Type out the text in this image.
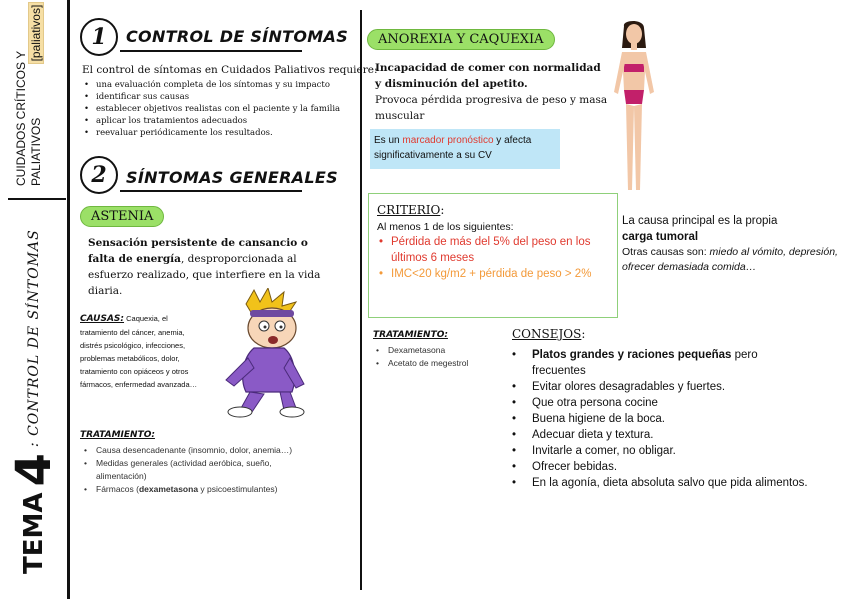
CUIDADOS CRÍTICOS Y PALIATIVOS [paliativos]
TEMA
4
: CONTROL DE SÍNTOMAS
1	CONTROL DE SÍNTOMAS
El control de síntomas en Cuidados Paliativos requiere:
• una evaluación completa de los síntomas y su impacto
• identificar sus causas
• establecer objetivos realistas con el paciente y la familia
• aplicar los tratamientos adecuados
• reevaluar periódicamente los resultados.
2	SÍNTOMAS GENERALES
ASTENIA
Sensación persistente de cansancio o falta de energía, desproporcionada al esfuerzo realizado, que interfiere en la vida diaria.
CAUSAS: Caquexia, el tratamiento del cáncer, anemia, distrés psicológico, infecciones, problemas metabólicos, dolor, tratamiento con opiáceos y otros fármacos, enfermedad avanzada…
TRATAMIENTO:
• Causa desencadenante (insomnio, dolor, anemia…)
• Medidas generales (actividad aeróbica, sueño, alimentación)
• Fármacos (dexametasona y psicoestimulantes)
ANOREXIA Y CAQUEXIA
Incapacidad de comer con normalidad y disminución del apetito.
Provoca pérdida progresiva de peso y masa muscular
Es un marcador pronóstico y afecta significativamente a su CV
CRITERIO:
Al menos 1 de los siguientes:
• Pérdida de más del 5% del peso en los últimos 6 meses
• IMC<20 kg/m2 + pérdida de peso > 2%
La causa principal es la propia
carga tumoral
Otras causas son: miedo al vómito, depresión, ofrecer demasiada comida…
TRATAMIENTO:
• Dexametasona
• Acetato de megestrol
CONSEJOS:
• Platos grandes y raciones pequeñas pero frecuentes
• Evitar olores desagradables y fuertes.
• Que otra persona cocine
• Buena higiene de la boca.
• Adecuar dieta y textura.
• Invitarle a comer, no obligar.
• Ofrecer bebidas.
• En la agonía, dieta absoluta salvo que pida alimentos.
